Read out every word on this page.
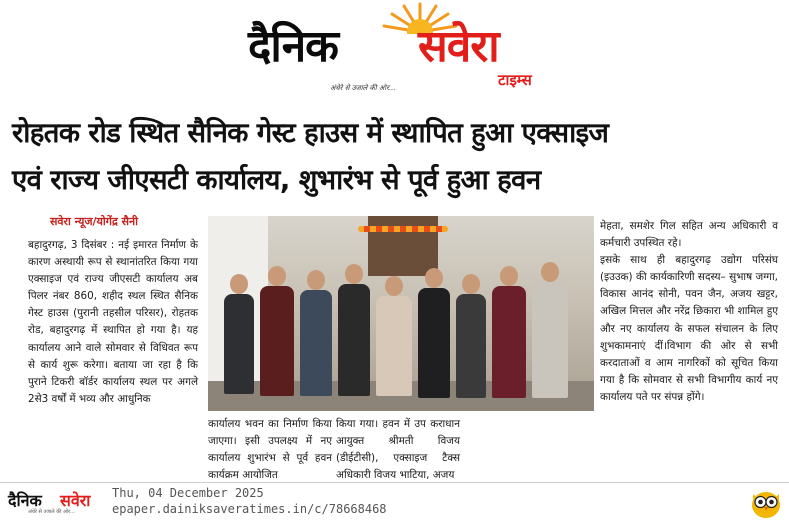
दैनिक सवेरा
टाइम्स
अंधेरे से उजाले की ओर...
रोहतक रोड स्थित सैनिक गेस्ट हाउस में स्थापित हुआ एक्साइज
एवं राज्य जीएसटी कार्यालय, शुभारंभ से पूर्व हुआ हवन
सवेरा न्यूज/योगेंद्र सैनी
बहादुरगढ़, 3 दिसंबर : नई इमारत निर्माण के कारण अस्थायी रूप से स्थानांतरित किया गया एक्साइज एवं राज्य जीएसटी कार्यालय अब पिलर नंबर 860, शहीद स्थल स्थित सैनिक गेस्ट हाउस (पुरानी तहसील परिसर), रोहतक रोड, बहादुरगढ़ में स्थापित हो गया है। यह कार्यालय आने वाले सोमवार से विधिवत रूप से कार्य शुरू करेगा। बताया जा रहा है कि पुराने टिकरी बॉर्डर कार्यालय स्थल पर अगले 2से3 वर्षों में भव्य और आधुनिक
कार्यालय भवन का निर्माण किया जाएगा। इसी उपलक्ष्य में नए कार्यालय शुभारंभ से पूर्व हवन कार्यक्रम आयोजित
किया गया। हवन में उप कराधान आयुक्त श्रीमती विजय (डीईटीसी), एक्साइज टैक्स अधिकारी विजय भाटिया, अजय
मेहता, समशेर गिल सहित अन्य अधिकारी व कर्मचारी उपस्थित रहे।
इसके साथ ही बहादुरगढ़ उद्योग परिसंघ (इउउक) की कार्यकारिणी सदस्य– सुभाष जग्गा, विकास आनंद सोनी, पवन जैन, अजय खट्टर, अखिल मित्तल और नरेंद्र छिकारा भी शामिल हुए और नए कार्यालय के सफल संचालन के लिए शुभकामनाएं दीं।विभाग की ओर से सभी करदाताओं व आम नागरिकों को सूचित किया गया है कि सोमवार से सभी विभागीय कार्य नए कार्यालय पते पर संपन्न होंगे।
दैनिक सवेरा
अंधेरे से उजाले की ओर...
Thu, 04 December 2025
epaper.dainiksaveratimes.in/c/78668468
